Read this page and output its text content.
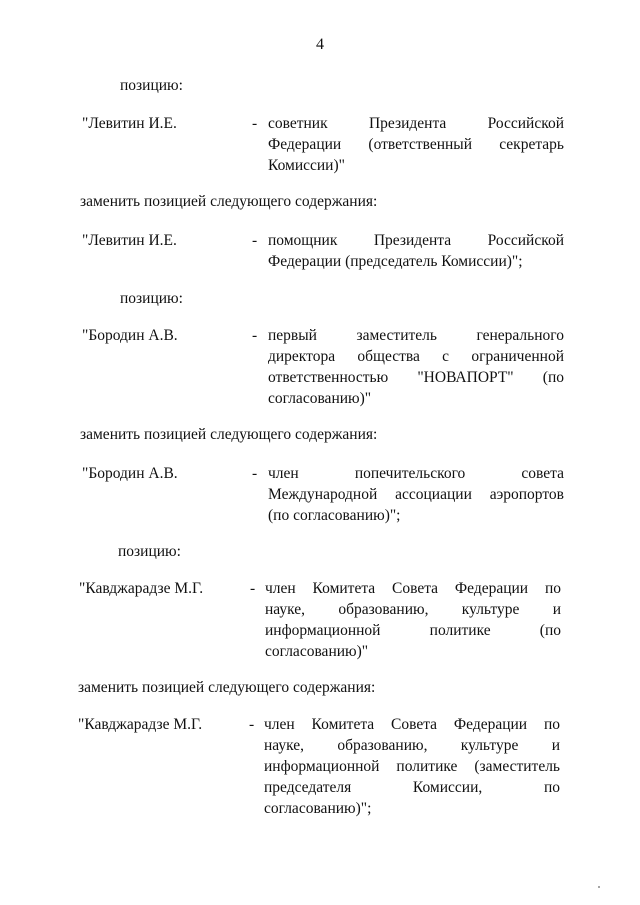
4
позицию:
"Левитин И.Е.	- советник Президента Российской
Федерации (ответственный секретарь
Комиссии)"
заменить позицией следующего содержания:
"Левитин И.Е.	- помощник Президента Российской
Федерации (председатель Комиссии)";
позицию:
"Бородин А.В.	- первый заместитель генерального
директора общества с ограниченной
ответственностью "НОВАПОРТ" (по
согласованию)"
заменить позицией следующего содержания:
"Бородин А.В.	- член попечительского совета
Международной ассоциации аэропортов
(по согласованию)";
позицию:
"Кавджарадзе М.Г.	- член Комитета Совета Федерации по
науке, образованию, культуре и
информационной политике (по
согласованию)"
заменить позицией следующего содержания:
"Кавджарадзе М.Г.	- член Комитета Совета Федерации по
науке, образованию, культуре и
информационной политике (заместитель
председателя Комиссии, по
согласованию)";
